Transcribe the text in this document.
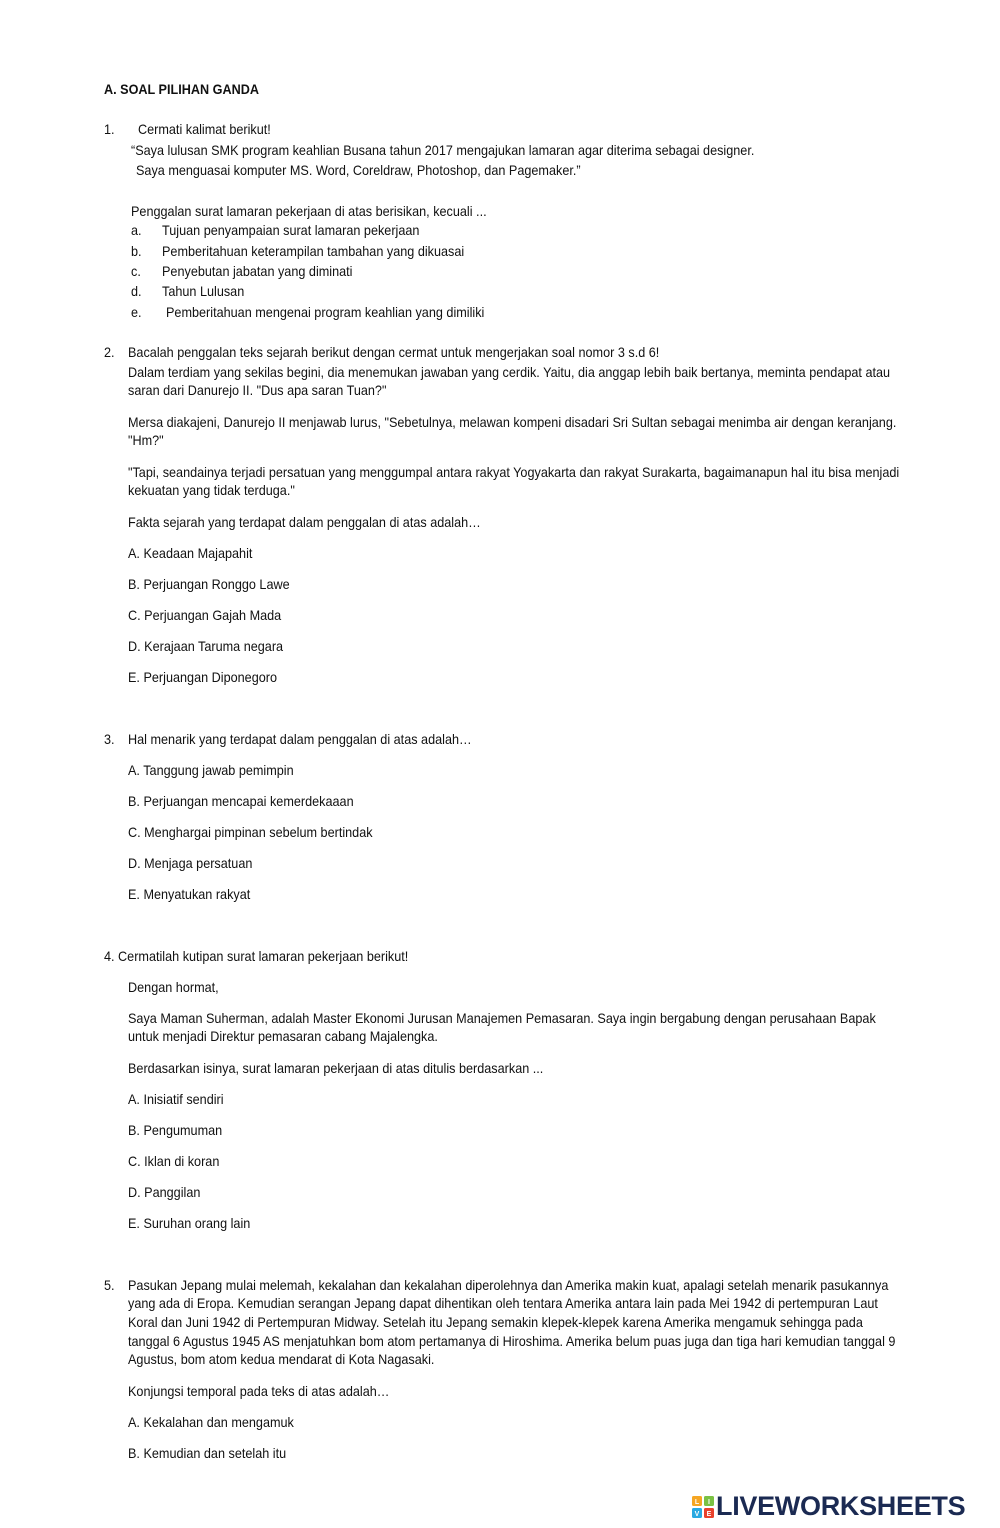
A. SOAL PILIHAN GANDA
1. Cermati kalimat berikut!
“Saya lulusan SMK program keahlian Busana tahun 2017 mengajukan lamaran agar diterima sebagai designer.
Saya menguasai komputer MS. Word, Coreldraw, Photoshop, dan Pagemaker.”
Penggalan surat lamaran pekerjaan di atas berisikan, kecuali ...
a. Tujuan penyampaian surat lamaran pekerjaan
b. Pemberitahuan keterampilan tambahan yang dikuasai
c. Penyebutan jabatan yang diminati
d. Tahun Lulusan
e. Pemberitahuan mengenai program keahlian yang dimiliki
2. Bacalah penggalan teks sejarah berikut dengan cermat untuk mengerjakan soal nomor 3 s.d 6!
Dalam terdiam yang sekilas begini, dia menemukan jawaban yang cerdik. Yaitu, dia anggap lebih baik bertanya, meminta pendapat atau
saran dari Danurejo II. "Dus apa saran Tuan?"
Mersa diakajeni, Danurejo II menjawab lurus, "Sebetulnya, melawan kompeni disadari Sri Sultan sebagai menimba air dengan keranjang.
"Hm?"
"Tapi, seandainya terjadi persatuan yang menggumpal antara rakyat Yogyakarta dan rakyat Surakarta, bagaimanapun hal itu bisa menjadi
kekuatan yang tidak terduga."
Fakta sejarah yang terdapat dalam penggalan di atas adalah…
A. Keadaan Majapahit
B. Perjuangan Ronggo Lawe
C. Perjuangan Gajah Mada
D. Kerajaan Taruma negara
E. Perjuangan Diponegoro
3. Hal menarik yang terdapat dalam penggalan di atas adalah…
A. Tanggung jawab pemimpin
B. Perjuangan mencapai kemerdekaaan
C. Menghargai pimpinan sebelum bertindak
D. Menjaga persatuan
E. Menyatukan rakyat
4. Cermatilah kutipan surat lamaran pekerjaan berikut!
Dengan hormat,
Saya Maman Suherman, adalah Master Ekonomi Jurusan Manajemen Pemasaran. Saya ingin bergabung dengan perusahaan Bapak
untuk menjadi Direktur pemasaran cabang Majalengka.
Berdasarkan isinya, surat lamaran pekerjaan di atas ditulis berdasarkan ...
A. Inisiatif sendiri
B. Pengumuman
C. Iklan di koran
D. Panggilan
E. Suruhan orang lain
5. Pasukan Jepang mulai melemah, kekalahan dan kekalahan diperolehnya dan Amerika makin kuat, apalagi setelah menarik pasukannya
yang ada di Eropa. Kemudian serangan Jepang dapat dihentikan oleh tentara Amerika antara lain pada Mei 1942 di pertempuran Laut
Koral dan Juni 1942 di Pertempuran Midway. Setelah itu Jepang semakin klepek-klepek karena Amerika mengamuk sehingga pada
tanggal 6 Agustus 1945 AS menjatuhkan bom atom pertamanya di Hiroshima. Amerika belum puas juga dan tiga hari kemudian tanggal 9
Agustus, bom atom kedua mendarat di Kota Nagasaki.
Konjungsi temporal pada teks di atas adalah…
A. Kekalahan dan mengamuk
B. Kemudian dan setelah itu
L I
V E LIVEWORKSHEETS
